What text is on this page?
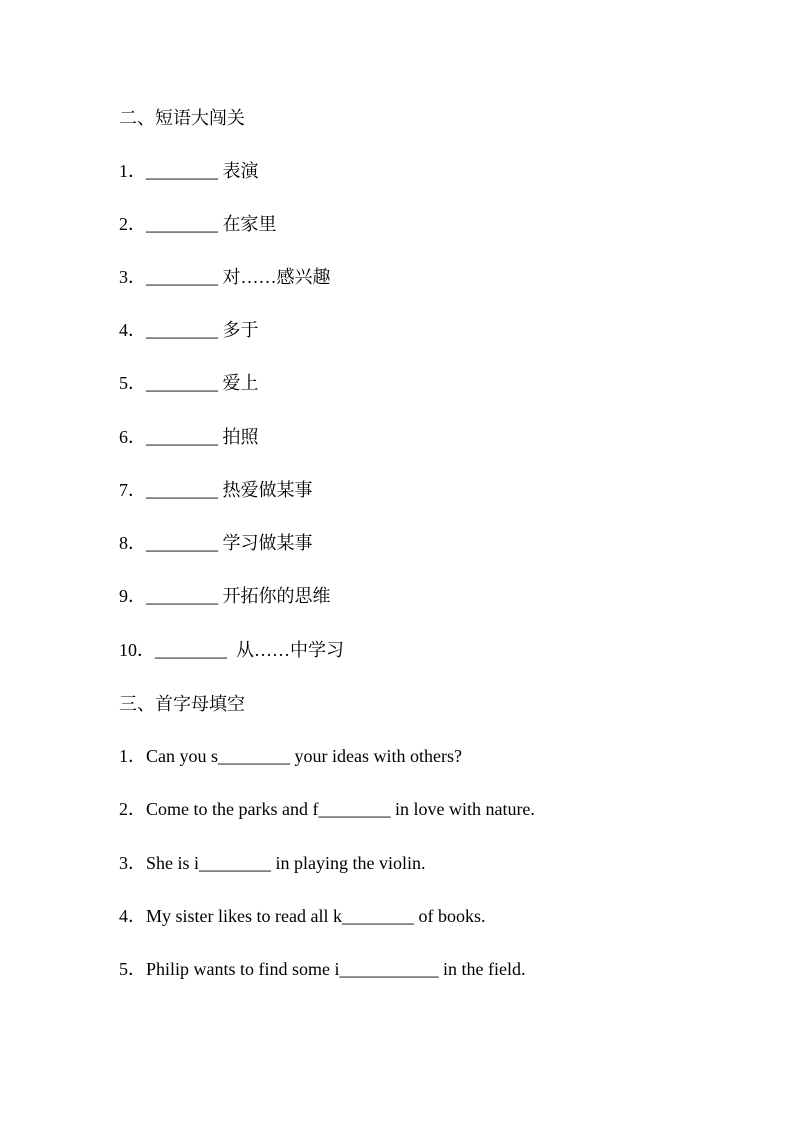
二、短语大闯关
1．________ 表演
2．________ 在家里
3．________ 对……感兴趣
4．________ 多于
5．________ 爱上
6．________ 拍照
7．________ 热爱做某事
8．________ 学习做某事
9．________ 开拓你的思维
10．________  从……中学习
三、首字母填空
1．Can you s________ your ideas with others?
2．Come to the parks and f________ in love with nature.
3．She is i________ in playing the violin.
4．My sister likes to read all k________ of books.
5．Philip wants to find some i___________ in the field.
